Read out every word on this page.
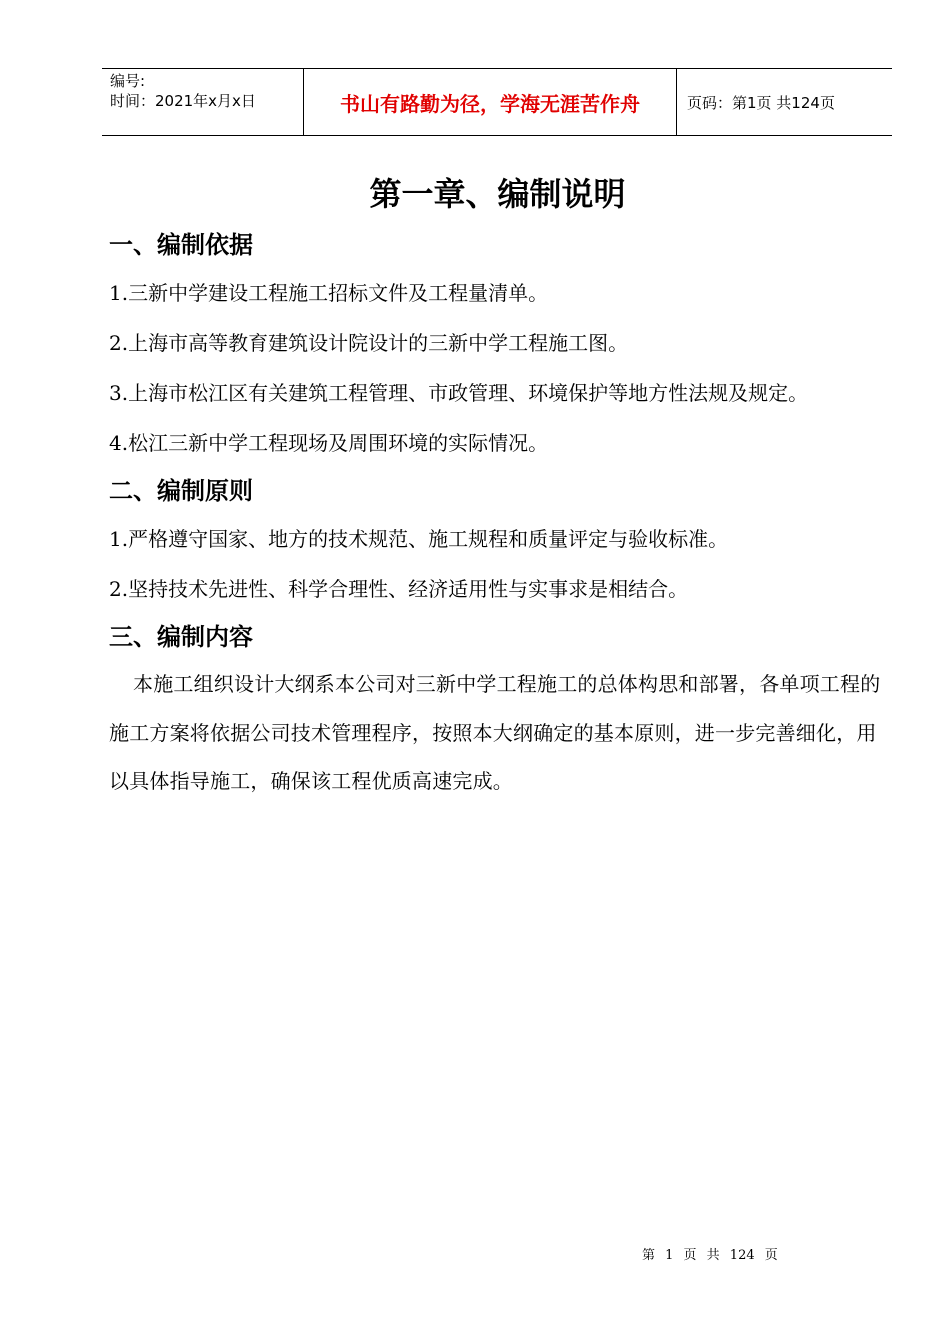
编号:
时间：2021年x月x日	书山有路勤为径，学海无涯苦作舟	页码：第1页 共124页
第一章、编制说明
一、编制依据

1.三新中学建设工程施工招标文件及工程量清单。

2.上海市高等教育建筑设计院设计的三新中学工程施工图。

3.上海市松江区有关建筑工程管理、市政管理、环境保护等地方性法规及规定。

4.松江三新中学工程现场及周围环境的实际情况。

二、编制原则

1.严格遵守国家、地方的技术规范、施工规程和质量评定与验收标准。

2.坚持技术先进性、科学合理性、经济适用性与实事求是相结合。

三、编制内容

本施工组织设计大纲系本公司对三新中学工程施工的总体构思和部署，各单项工程的施工方案将依据公司技术管理程序，按照本大纲确定的基本原则，进一步完善细化，用以具体指导施工，确保该工程优质高速完成。

第 1 页 共 124 页
